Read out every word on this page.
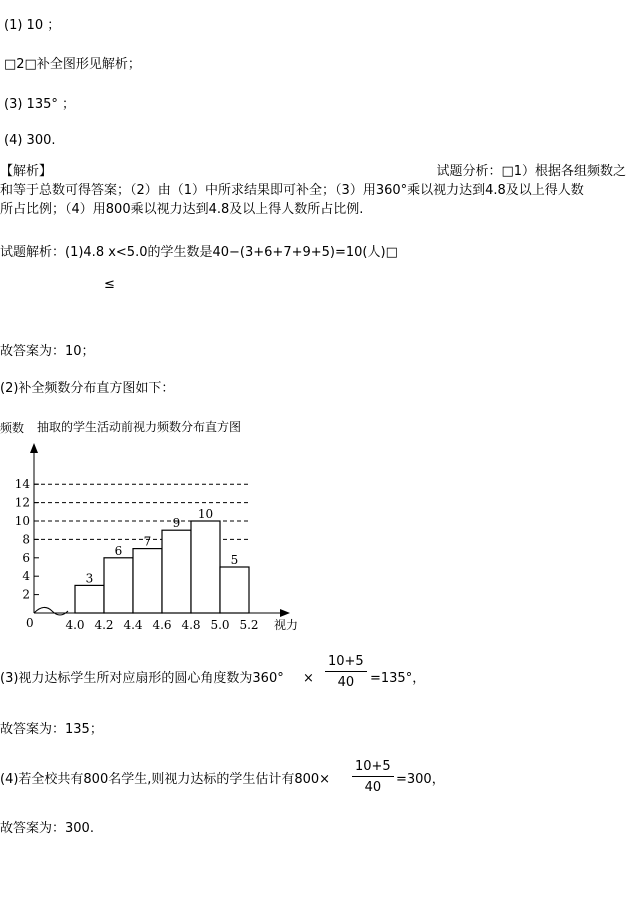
(1) 10 ；
□2□补全图形见解析；
(3) 135° ；
(4) 300.
【解析】	试题分析：□1）根据各组频数之
和等于总数可得答案；（2）由（1）中所求结果即可补全；（3）用360°乘以视力达到4.8及以上得人数
所占比例；（4）用800乘以视力达到4.8及以上得人数所占比例.
试题解析：(1)4.8 x<5.0的学生数是40−(3+6+7+9+5)=10(人)□
≤
故答案为：10；
(2)补全频数分布直方图如下：
频数 抽取的学生活动前视力频数分布直方图
3
6
7
9
10
5
2
4
6
8
10
12
14
4.0 4.2 4.4 4.6 4.8 5.0 5.2
0	视力
(3)视力达标学生所对应扇形的圆心角度数为$360^\circ \times \frac{10+5}{40} =135^\circ$，
故答案为：135；
(4)若全校共有800名学生,则视力达标的学生估计有$800\times \frac{10+5}{40} =300$，
故答案为：300.
